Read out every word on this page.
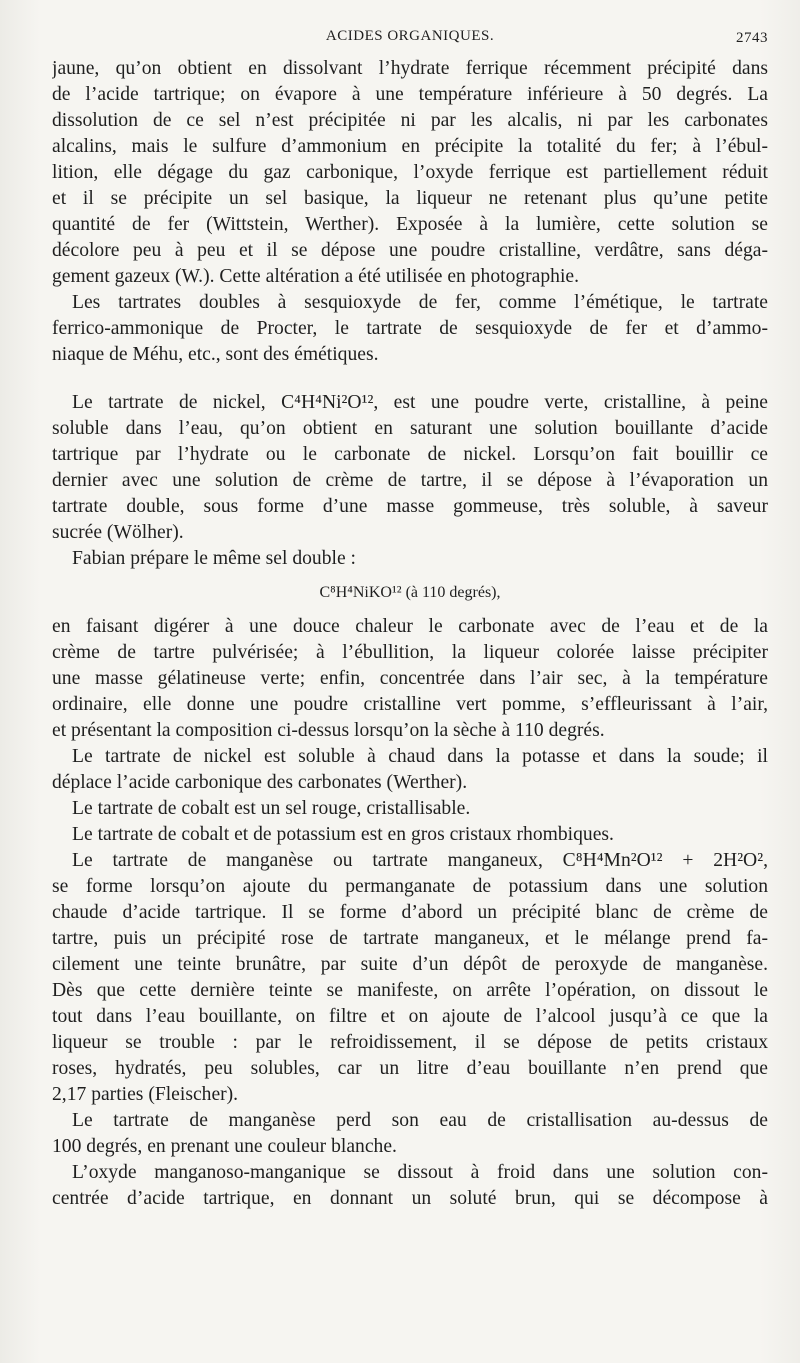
ACIDES ORGANIQUES.	2743
jaune, qu’on obtient en dissolvant l’hydrate ferrique récemment précipité dans
de l’acide tartrique; on évapore à une température inférieure à 50 degrés. La
dissolution de ce sel n’est précipitée ni par les alcalis, ni par les carbonates
alcalins, mais le sulfure d’ammonium en précipite la totalité du fer; à l’ébul-
lition, elle dégage du gaz carbonique, l’oxyde ferrique est partiellement réduit
et il se précipite un sel basique, la liqueur ne retenant plus qu’une petite
quantité de fer (Wittstein, Werther). Exposée à la lumière, cette solution se
décolore peu à peu et il se dépose une poudre cristalline, verdâtre, sans déga-
gement gazeux (W.). Cette altération a été utilisée en photographie.
Les tartrates doubles à sesquioxyde de fer, comme l’émétique, le tartrate
ferrico-ammonique de Procter, le tartrate de sesquioxyde de fer et d’ammo-
niaque de Méhu, etc., sont des émétiques.
Le tartrate de nickel, C⁴H⁴Ni²O¹², est une poudre verte, cristalline, à peine
soluble dans l’eau, qu’on obtient en saturant une solution bouillante d’acide
tartrique par l’hydrate ou le carbonate de nickel. Lorsqu’on fait bouillir ce
dernier avec une solution de crème de tartre, il se dépose à l’évaporation un
tartrate double, sous forme d’une masse gommeuse, très soluble, à saveur
sucrée (Wölher).
Fabian prépare le même sel double :
C⁸H⁴NiKO¹² (à 110 degrés),
en faisant digérer à une douce chaleur le carbonate avec de l’eau et de la
crème de tartre pulvérisée; à l’ébullition, la liqueur colorée laisse précipiter
une masse gélatineuse verte; enfin, concentrée dans l’air sec, à la température
ordinaire, elle donne une poudre cristalline vert pomme, s’effleurissant à l’air,
et présentant la composition ci-dessus lorsqu’on la sèche à 110 degrés.
Le tartrate de nickel est soluble à chaud dans la potasse et dans la soude; il
déplace l’acide carbonique des carbonates (Werther).
Le tartrate de cobalt est un sel rouge, cristallisable.
Le tartrate de cobalt et de potassium est en gros cristaux rhombiques.
Le tartrate de manganèse ou tartrate manganeux, C⁸H⁴Mn²O¹² + 2H²O²,
se forme lorsqu’on ajoute du permanganate de potassium dans une solution
chaude d’acide tartrique. Il se forme d’abord un précipité blanc de crème de
tartre, puis un précipité rose de tartrate manganeux, et le mélange prend fa-
cilement une teinte brunâtre, par suite d’un dépôt de peroxyde de manganèse.
Dès que cette dernière teinte se manifeste, on arrête l’opération, on dissout le
tout dans l’eau bouillante, on filtre et on ajoute de l’alcool jusqu’à ce que la
liqueur se trouble : par le refroidissement, il se dépose de petits cristaux
roses, hydratés, peu solubles, car un litre d’eau bouillante n’en prend que
2,17 parties (Fleischer).
Le tartrate de manganèse perd son eau de cristallisation au-dessus de
100 degrés, en prenant une couleur blanche.
L’oxyde manganoso-manganique se dissout à froid dans une solution con-
centrée d’acide tartrique, en donnant un soluté brun, qui se décompose à
